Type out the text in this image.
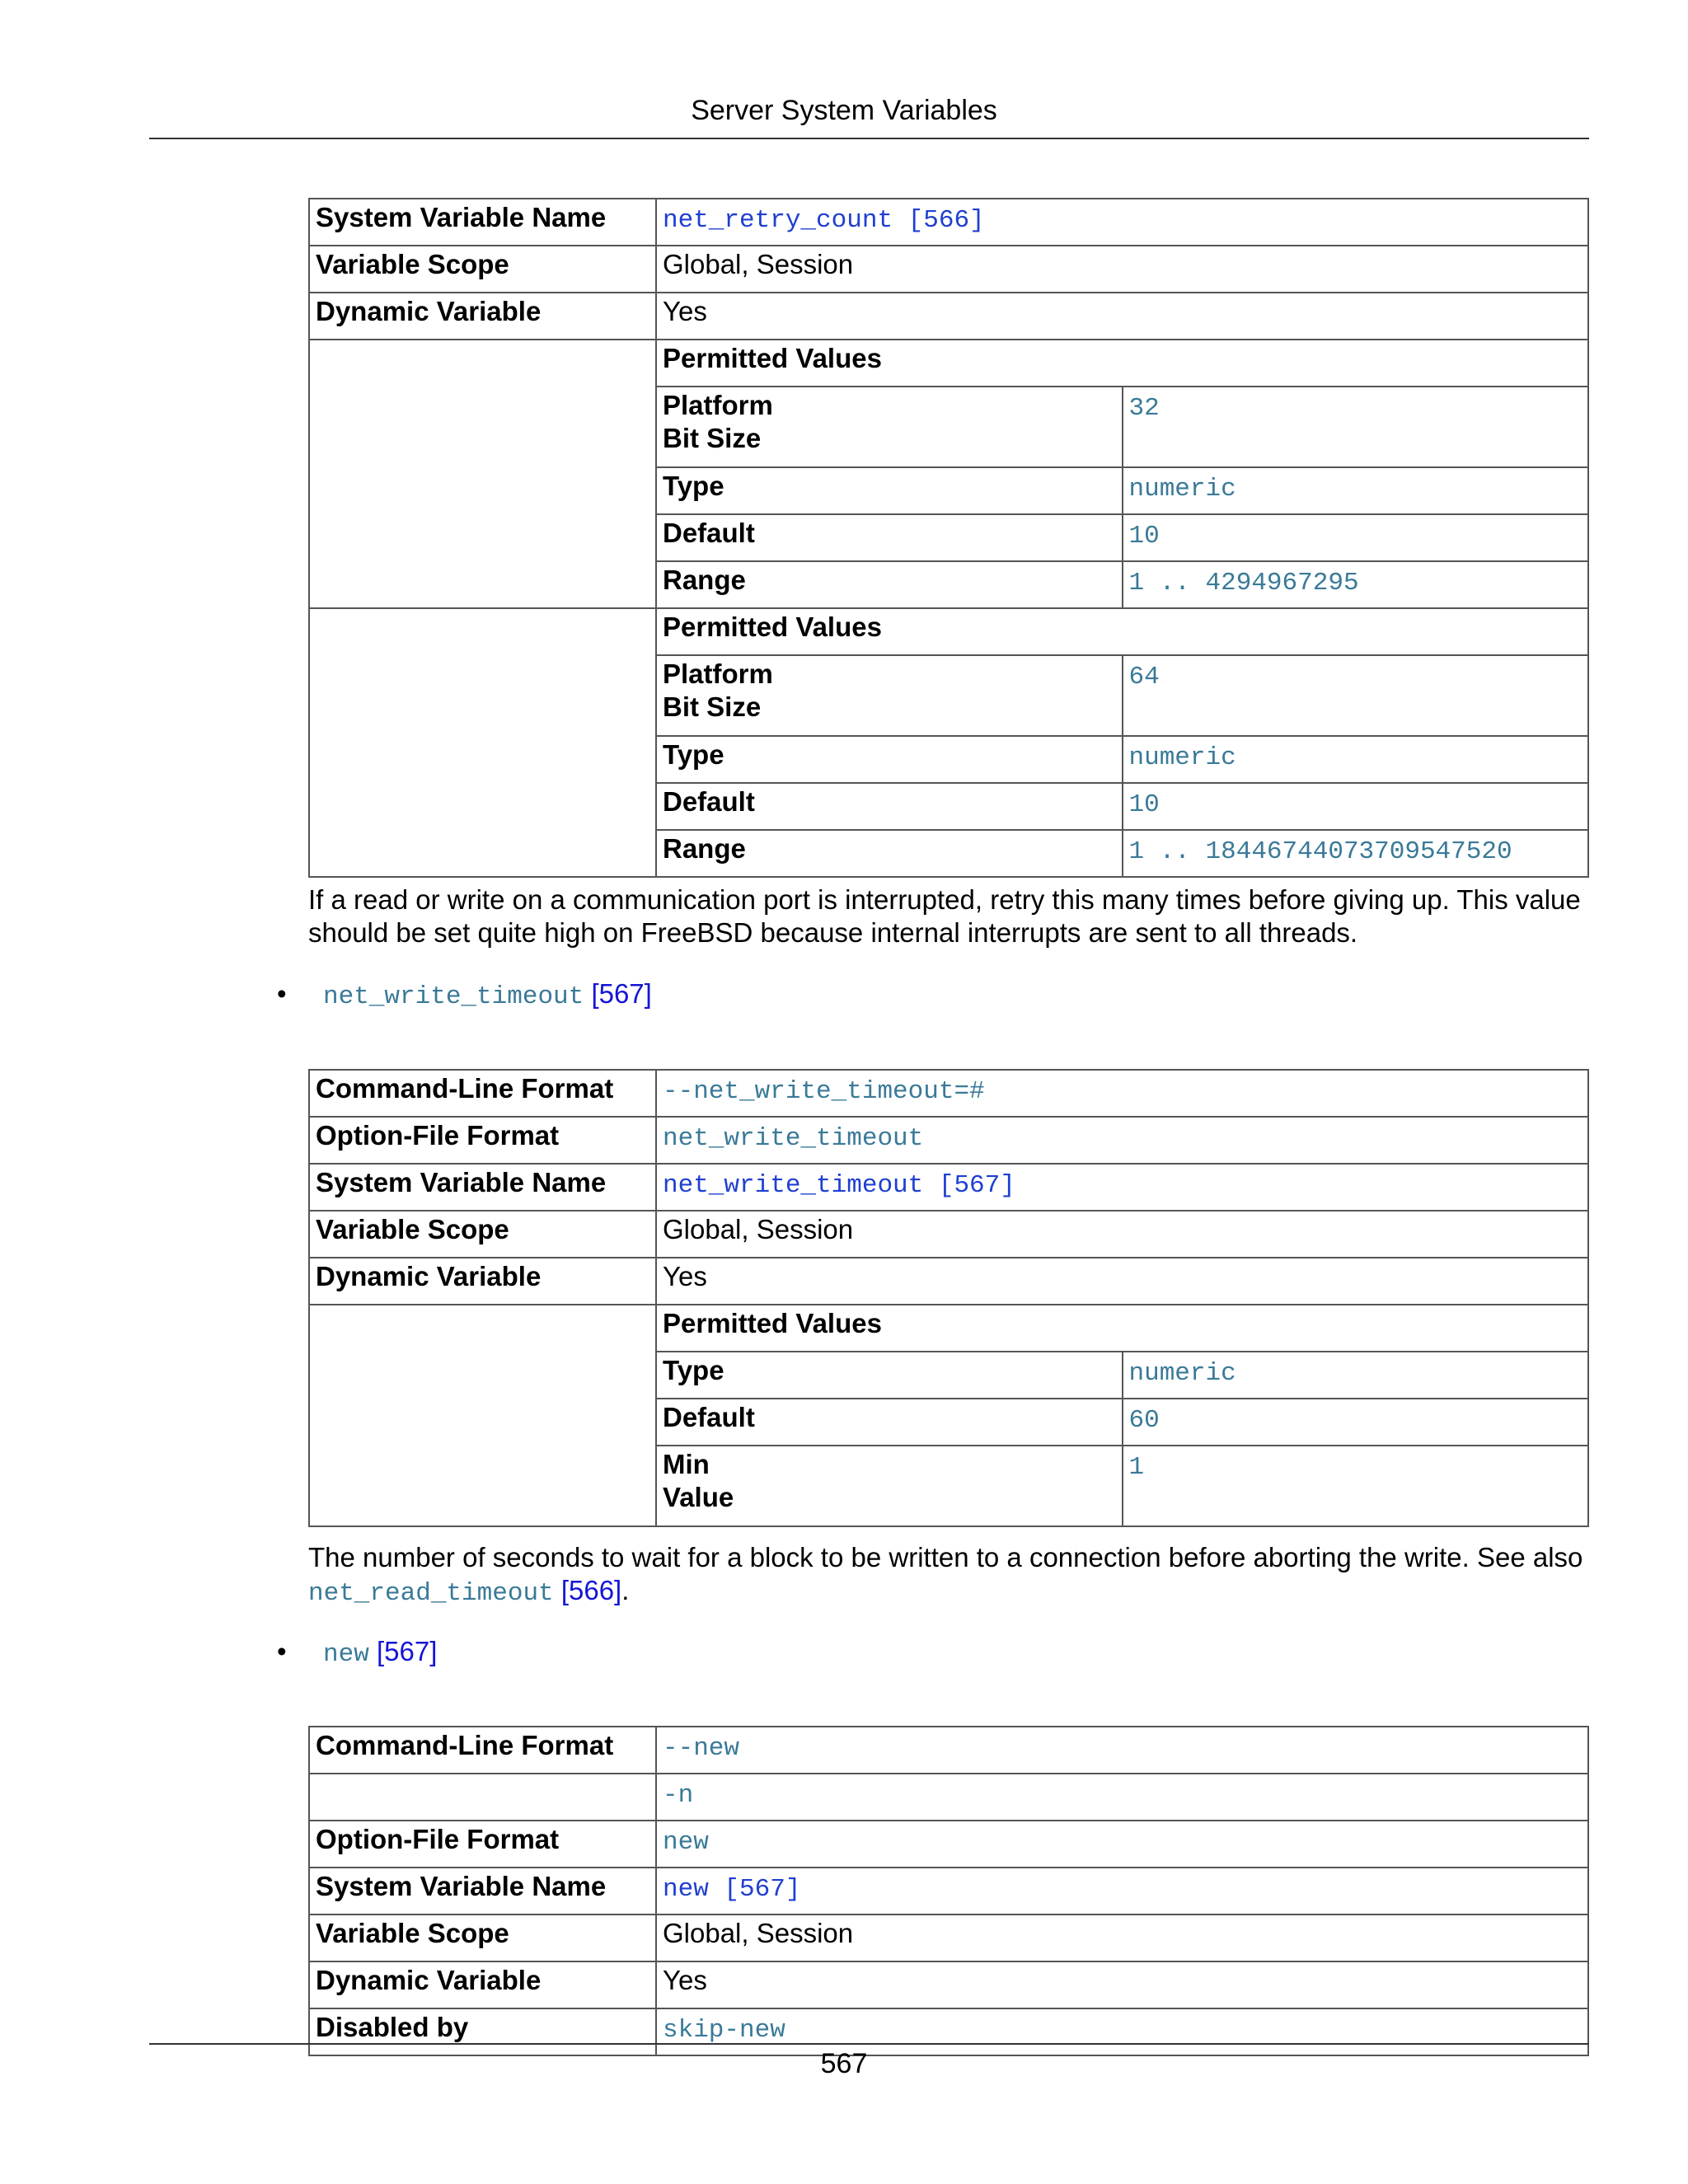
Server System Variables
System Variable Name	net_retry_count [566]
Variable Scope	Global, Session
Dynamic Variable	Yes

Permitted Values
Platform
Bit Size	32
Type	numeric
Default	10
Range	1 .. 4294967295

Permitted Values
Platform
Bit Size	64
Type	numeric
Default	10
Range	1 .. 18446744073709547520
If a read or write on a communication port is interrupted, retry this many times before giving up. This value should be set quite high on FreeBSD because internal interrupts are sent to all threads.
• net_write_timeout [567]
Command-Line Format	--net_write_timeout=#
Option-File Format	net_write_timeout
System Variable Name	net_write_timeout [567]
Variable Scope	Global, Session
Dynamic Variable	Yes

Permitted Values
Type	numeric
Default	60
Min
Value	1
The number of seconds to wait for a block to be written to a connection before aborting the write. See also net_read_timeout [566].
• new [567]
Command-Line Format	--new
	-n
Option-File Format	new
System Variable Name	new [567]
Variable Scope	Global, Session
Dynamic Variable	Yes
Disabled by	skip-new
567
